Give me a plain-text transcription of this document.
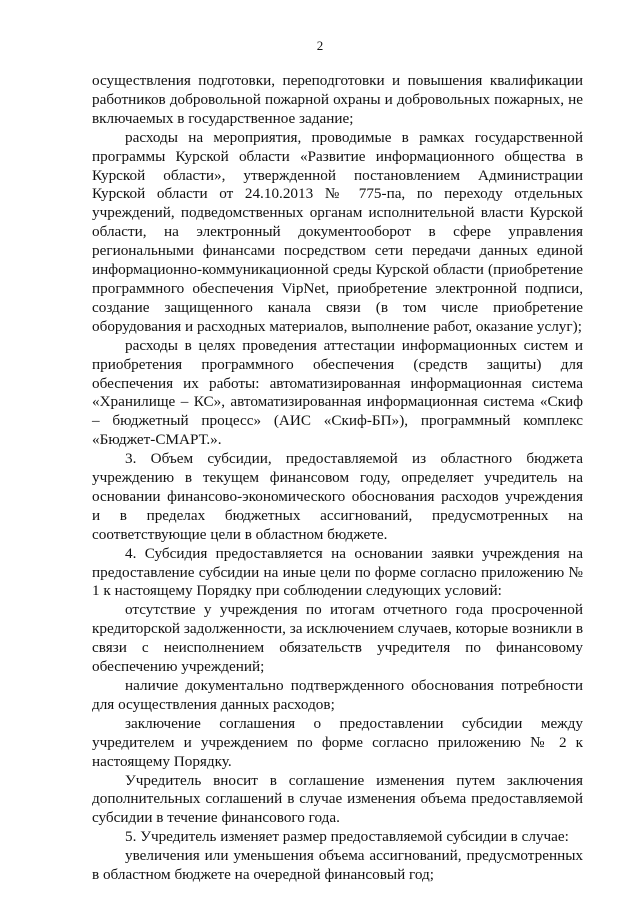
2

осуществления подготовки, переподготовки и повышения квалификации работников добровольной пожарной охраны и добровольных пожарных, не включаемых в государственное задание;

расходы на мероприятия, проводимые в рамках государственной программы Курской области «Развитие информационного общества в Курской области», утвержденной постановлением Администрации Курской области от 24.10.2013 № 775-па, по переходу отдельных учреждений, подведомственных органам исполнительной власти Курской области, на электронный документооборот в сфере управления региональными финансами посредством сети передачи данных единой информационно-коммуникационной среды Курской области (приобретение программного обеспечения VipNet, приобретение электронной подписи, создание защищенного канала связи (в том числе приобретение оборудования и расходных материалов, выполнение работ, оказание услуг);

расходы в целях проведения аттестации информационных систем и приобретения программного обеспечения (средств защиты) для обеспечения их работы: автоматизированная информационная система «Хранилище – КС», автоматизированная информационная система «Скиф – бюджетный процесс» (АИС «Скиф-БП»), программный комплекс «Бюджет-СМАРТ.».

3. Объем субсидии, предоставляемой из областного бюджета учреждению в текущем финансовом году, определяет учредитель на основании финансово-экономического обоснования расходов учреждения и в пределах бюджетных ассигнований, предусмотренных на соответствующие цели в областном бюджете.

4. Субсидия предоставляется на основании заявки учреждения на предоставление субсидии на иные цели по форме согласно приложению № 1 к настоящему Порядку при соблюдении следующих условий:

отсутствие у учреждения по итогам отчетного года просроченной кредиторской задолженности, за исключением случаев, которые возникли в связи с неисполнением обязательств учредителя по финансовому обеспечению учреждений;

наличие документально подтвержденного обоснования потребности для осуществления данных расходов;

заключение соглашения о предоставлении субсидии между учредителем и учреждением по форме согласно приложению № 2 к настоящему Порядку.

Учредитель вносит в соглашение изменения путем заключения дополнительных соглашений в случае изменения объема предоставляемой субсидии в течение финансового года.

5. Учредитель изменяет размер предоставляемой субсидии в случае:

увеличения или уменьшения объема ассигнований, предусмотренных в областном бюджете на очередной финансовый год;
